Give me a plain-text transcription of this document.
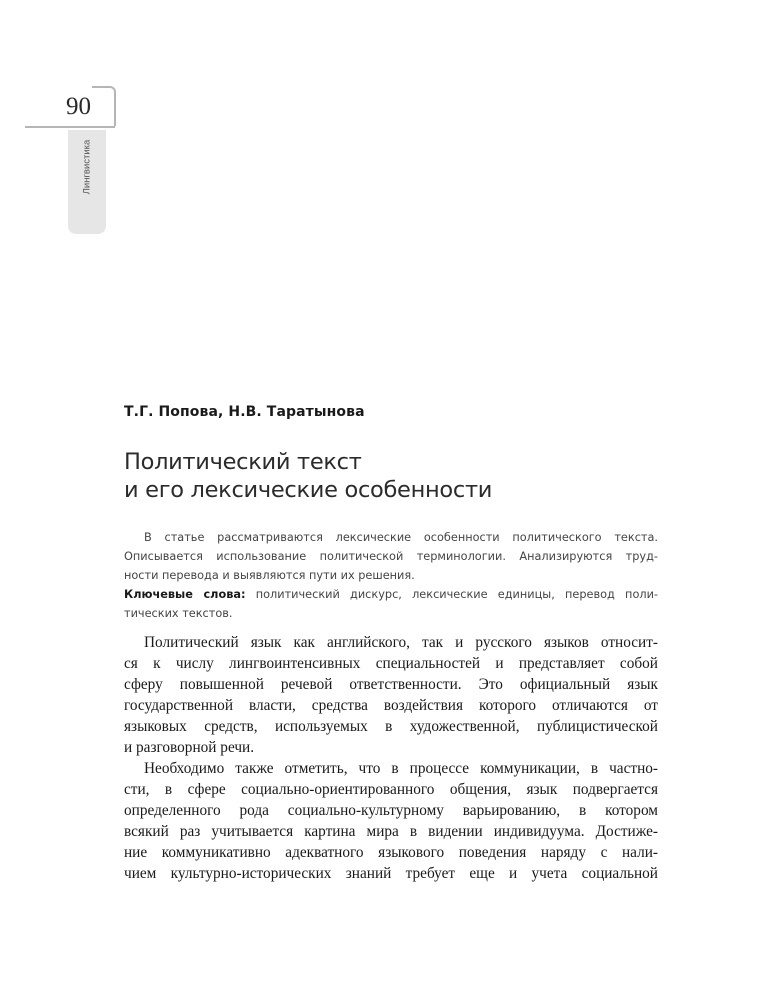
90
Лингвистика
Т.Г. Попова, Н.В. Таратынова
Политический текст
и его лексические особенности
В статье рассматриваются лексические особенности политического текста.
Описывается использование политической терминологии. Анализируются труд-
ности перевода и выявляются пути их решения.
Ключевые слова: политический дискурс, лексические единицы, перевод поли-
тических текстов.
Политический язык как английского, так и русского языков относит-
ся к числу лингвоинтенсивных специальностей и представляет собой
сферу повышенной речевой ответственности. Это официальный язык
государственной власти, средства воздействия которого отличаются от
языковых средств, используемых в художественной, публицистической
и разговорной речи.
Необходимо также отметить, что в процессе коммуникации, в частно-
сти, в сфере социально-ориентированного общения, язык подвергается
определенного рода социально-культурному варьированию, в котором
всякий раз учитывается картина мира в видении индивидуума. Достиже-
ние коммуникативно адекватного языкового поведения наряду с нали-
чием культурно-исторических знаний требует еще и учета социальной
